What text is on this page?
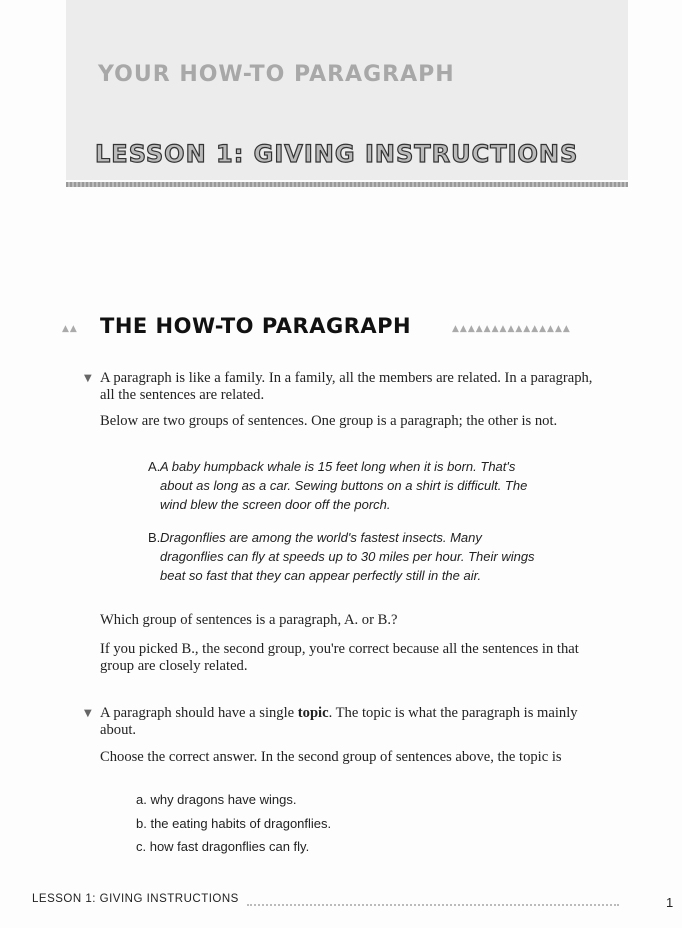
YOUR HOW-TO PARAGRAPH
LESSON 1: GIVING INSTRUCTIONS
▲▲ THE HOW-TO PARAGRAPH	▲▲▲▲▲▲▲▲▲▲▲▲▲▲▲
▼ A paragraph is like a family. In a family, all the members are related. In a paragraph, all the sentences are related.
Below are two groups of sentences. One group is a paragraph; the other is not.
A.A baby humpback whale is 15 feet long when it is born. That's about as long as a car. Sewing buttons on a shirt is difficult. The wind blew the screen door off the porch.
B.Dragonflies are among the world's fastest insects. Many dragonflies can fly at speeds up to 30 miles per hour. Their wings beat so fast that they can appear perfectly still in the air.
Which group of sentences is a paragraph, A. or B.?
If you picked B., the second group, you're correct because all the sentences in that group are closely related.
▼ A paragraph should have a single topic. The topic is what the paragraph is mainly about.
Choose the correct answer. In the second group of sentences above, the topic is
a. why dragons have wings.
b. the eating habits of dragonflies.
c. how fast dragonflies can fly.
LESSON 1: GIVING INSTRUCTIONS	1
